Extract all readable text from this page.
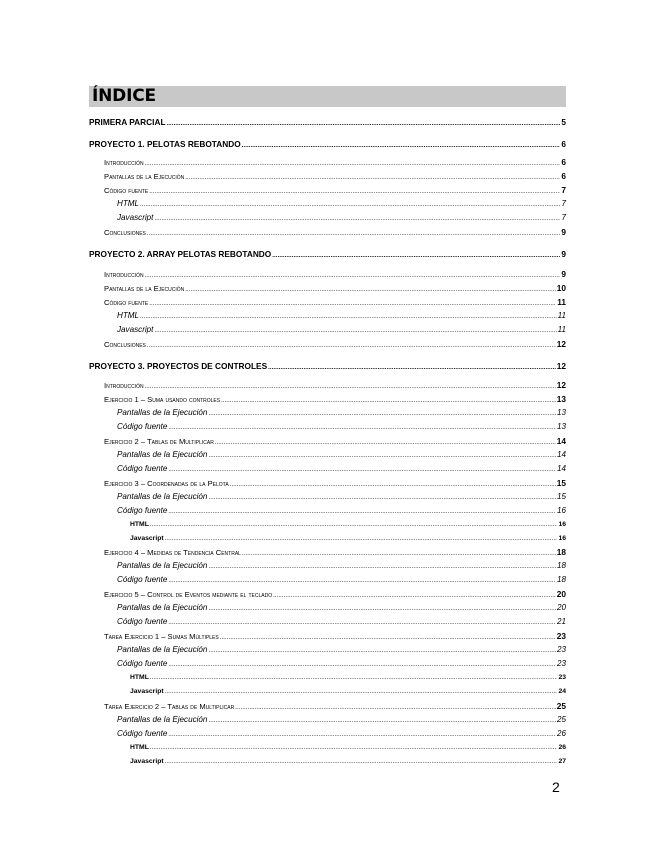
ÍNDICE
PRIMERA PARCIAL .....	5
PROYECTO 1. PELOTAS REBOTANDO .....	6
Introducción .....	6
Pantallas de la Ejecución .....	6
Código fuente .....	7
HTML .....	7
Javascript .....	7
Conclusiones .....	9
PROYECTO 2. ARRAY PELOTAS REBOTANDO .....	9
Introducción .....	9
Pantallas de la Ejecución .....	10
Código fuente .....	11
HTML .....	11
Javascript .....	11
Conclusiones .....	12
PROYECTO 3. PROYECTOS DE CONTROLES .....	12
Introducción .....	12
Ejercicio 1 – Suma usando controles .....	13
Pantallas de la Ejecución .....	13
Código fuente .....	13
Ejercicio 2 – Tablas de Multiplicar .....	14
Pantallas de la Ejecución .....	14
Código fuente .....	14
Ejercicio 3 – Coordenadas de la Pelota .....	15
Pantallas de la Ejecución .....	15
Código fuente .....	16
HTML .....	16
Javascript .....	16
Ejercicio 4 – Medidas de Tendencia Central .....	18
Pantallas de la Ejecución .....	18
Código fuente .....	18
Ejercicio 5 – Control de Eventos mediante el teclado .....	20
Pantallas de la Ejecución .....	20
Código fuente .....	21
Tarea Ejercicio 1 – Sumas Múltiples .....	23
Pantallas de la Ejecución .....	23
Código fuente .....	23
HTML .....	23
Javascript .....	24
Tarea Ejercicio 2 – Tablas de Multiplicar .....	25
Pantallas de la Ejecución .....	25
Código fuente .....	26
HTML .....	26
Javascript .....	27
2
